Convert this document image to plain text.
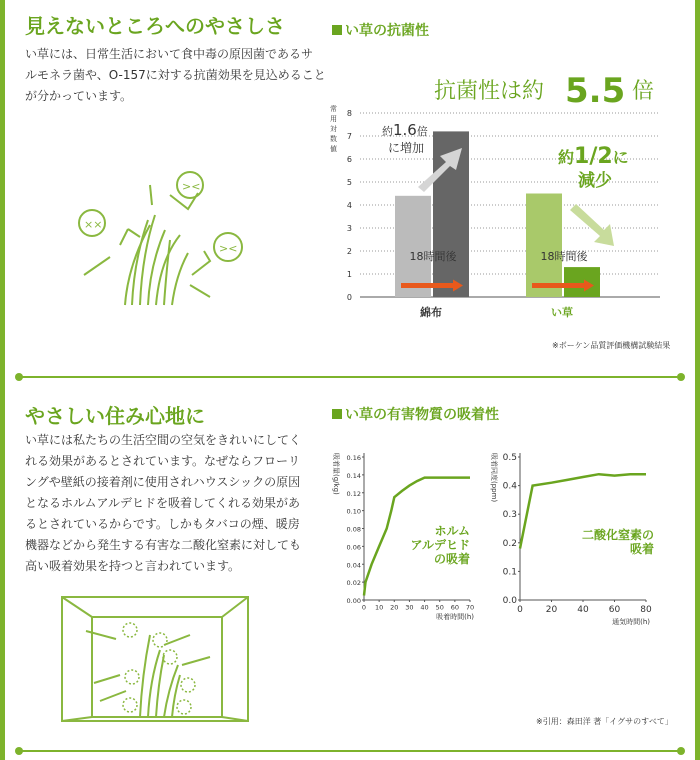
見えないところへのやさしさ
い草には、日常生活において食中毒の原因菌であるサ
ルモネラ菌や、O-157に対する抗菌効果を見込めること
が分かっています。
い草の抗菌性
××
><
><
抗菌性は約 5.5 倍
常
用
対
数
値
0
1
2
3
4
5
6
7
8
綿布	い草
18時間後	18時間後
約1.6倍
に増加	約1/2に
減少
※ボーケン品質評価機構試験結果
やさしい住み心地に
い草には私たちの生活空間の空気をきれいにしてく
れる効果があるとされています。なぜならフローリ
ングや壁紙の接着剤に使用されハウスシックの原因
となるホルムアルデヒドを吸着してくれる効果があ
るとされているからです。しかもタバコの煙、暖房
機器などから発生する有害な二酸化窒素に対しても
高い吸着効果を持つと言われています。
い草の有害物質の吸着性
0.00
0.02
0.04
0.06
0.08
0.10
0.12
0.14
0.16
0 10 20 30 40 50 60 70
吸着量(g/kg)
吸着時間(h)
ホルム
アルデヒド
の吸着
0.0
0.1
0.2
0.3
0.4
0.5
0	20 40 60 80
吸着同度(ppm)
通気時間(h)
二酸化窒素の
吸着
※引用：森田洋 著「イグサのすべて」
